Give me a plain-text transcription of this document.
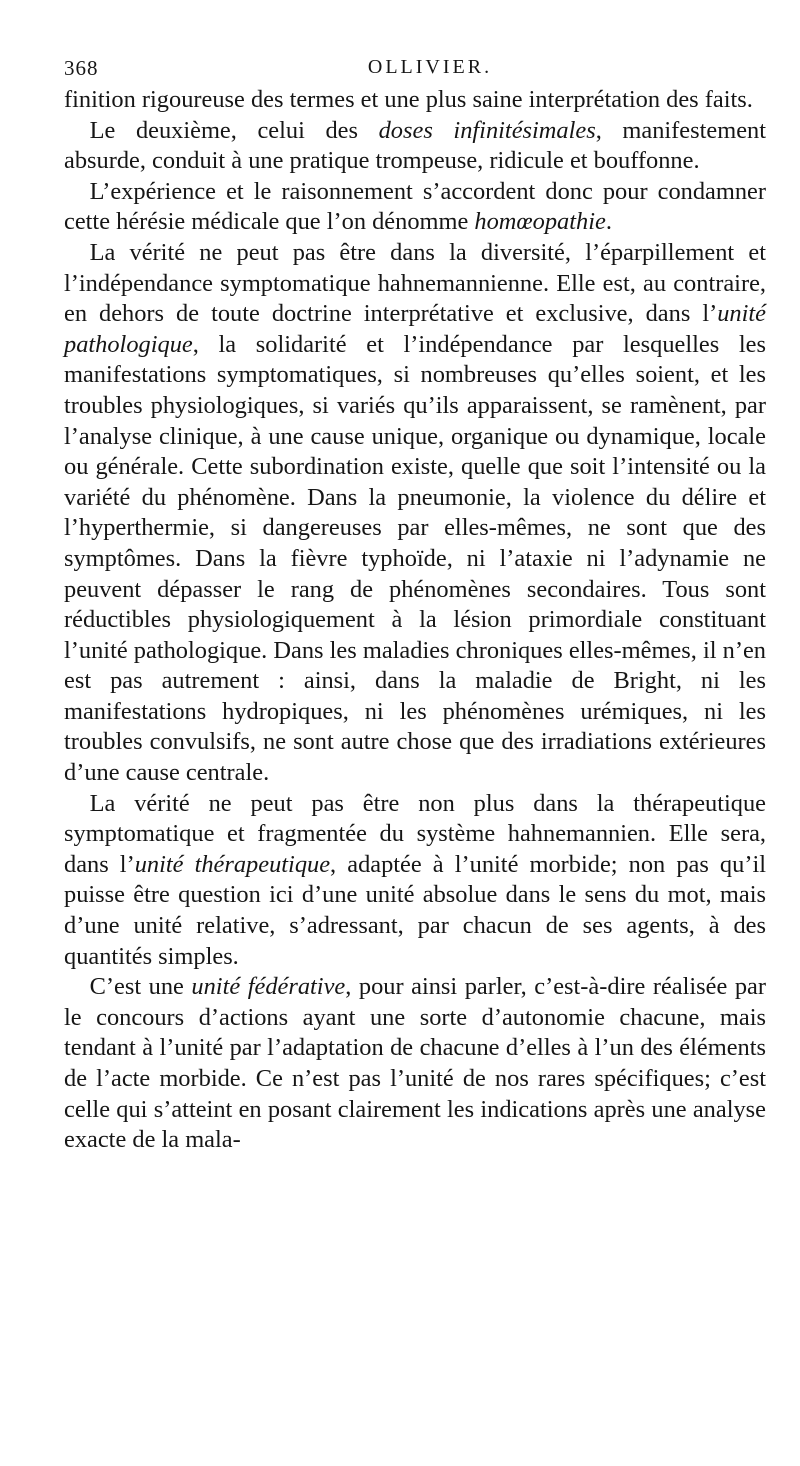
368	OLLIVIER.

finition rigoureuse des termes et une plus saine interprétation des faits.

Le deuxième, celui des doses infinitésimales, manifestement absurde, conduit à une pratique trompeuse, ridicule et bouffonne.

L’expérience et le raisonnement s’accordent donc pour condamner cette hérésie médicale que l’on dénomme homœopathie.

La vérité ne peut pas être dans la diversité, l’éparpillement et l’indépendance symptomatique hahnemannienne. Elle est, au contraire, en dehors de toute doctrine interprétative et exclusive, dans l’unité pathologique, la solidarité et l’indépendance par lesquelles les manifestations symptomatiques, si nombreuses qu’elles soient, et les troubles physiologiques, si variés qu’ils apparaissent, se ramènent, par l’analyse clinique, à une cause unique, organique ou dynamique, locale ou générale. Cette subordination existe, quelle que soit l’intensité ou la variété du phénomène. Dans la pneumonie, la violence du délire et l’hyperthermie, si dangereuses par elles-mêmes, ne sont que des symptômes. Dans la fièvre typhoïde, ni l’ataxie ni l’adynamie ne peuvent dépasser le rang de phénomènes secondaires. Tous sont réductibles physiologiquement à la lésion primordiale constituant l’unité pathologique. Dans les maladies chroniques elles-mêmes, il n’en est pas autrement : ainsi, dans la maladie de Bright, ni les manifestations hydropiques, ni les phénomènes urémiques, ni les troubles convulsifs, ne sont autre chose que des irradiations extérieures d’une cause centrale.

La vérité ne peut pas être non plus dans la thérapeutique symptomatique et fragmentée du système hahnemannien. Elle sera, dans l’unité thérapeutique, adaptée à l’unité morbide; non pas qu’il puisse être question ici d’une unité absolue dans le sens du mot, mais d’une unité relative, s’adressant, par chacun de ses agents, à des quantités simples.

C’est une unité fédérative, pour ainsi parler, c’est-à-dire réalisée par le concours d’actions ayant une sorte d’autonomie chacune, mais tendant à l’unité par l’adaptation de chacune d’elles à l’un des éléments de l’acte morbide. Ce n’est pas l’unité de nos rares spécifiques; c’est celle qui s’atteint en posant clairement les indications après une analyse exacte de la mala-
